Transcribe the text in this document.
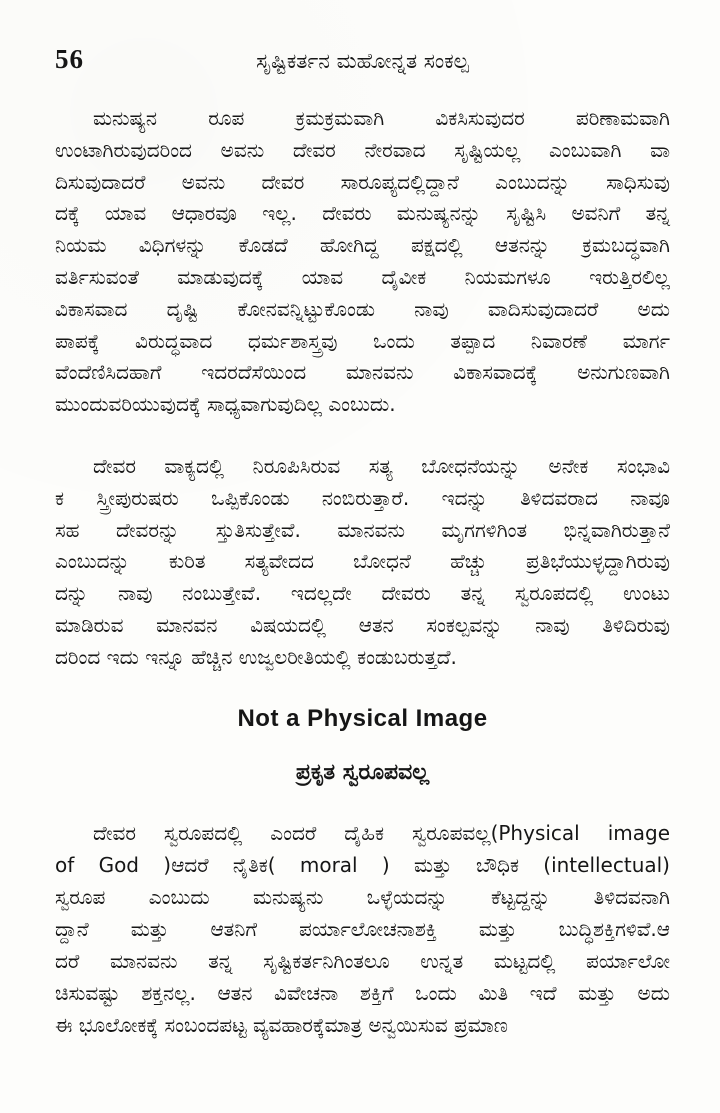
56	ಸೃಷ್ಟಿಕರ್ತನ ಮಹೋನ್ನತ ಸಂಕಲ್ಪ
ಮನುಷ್ಯನ ರೂಪ ಕ್ರಮಕ್ರಮವಾಗಿ ವಿಕಸಿಸುವುದರ ಪರಿಣಾಮವಾಗಿ
ಉಂಟಾಗಿರುವುದರಿಂದ ಅವನು ದೇವರ ನೇರವಾದ ಸೃಷ್ಟಿಯಲ್ಲ ಎಂಬುವಾಗಿ ವಾ
ದಿಸುವುದಾದರೆ ಅವನು ದೇವರ ಸಾರೂಪ್ಯದಲ್ಲಿದ್ದಾನೆ ಎಂಬುದನ್ನು ಸಾಧಿಸುವು
ದಕ್ಕೆ ಯಾವ ಆಧಾರವೂ ಇಲ್ಲ. ದೇವರು ಮನುಷ್ಯನನ್ನು ಸೃಷ್ಟಿಸಿ ಅವನಿಗೆ ತನ್ನ
ನಿಯಮ ವಿಧಿಗಳನ್ನು ಕೊಡದೆ ಹೋಗಿದ್ದ ಪಕ್ಷದಲ್ಲಿ ಆತನನ್ನು ಕ್ರಮಬದ್ಧವಾಗಿ
ವರ್ತಿಸುವಂತೆ ಮಾಡುವುದಕ್ಕೆ ಯಾವ ದೈವೀಕ ನಿಯಮಗಳೂ ಇರುತ್ತಿರಲಿಲ್ಲ
ವಿಕಾಸವಾದ ದೃಷ್ಟಿ ಕೋನವನ್ನಿಟ್ಟುಕೊಂಡು ನಾವು ವಾದಿಸುವುದಾದರೆ ಅದು
ಪಾಪಕ್ಕೆ ವಿರುದ್ಧವಾದ ಧರ್ಮಶಾಸ್ತ್ರವು ಒಂದು ತಪ್ಪಾದ ನಿವಾರಣೆ ಮಾರ್ಗ
ವೆಂದೆಣಿಸಿದಹಾಗೆ ಇದರದೆಸೆಯಿಂದ ಮಾನವನು ವಿಕಾಸವಾದಕ್ಕೆ ಅನುಗುಣವಾಗಿ
ಮುಂದುವರಿಯುವುದಕ್ಕೆ ಸಾಧ್ಯವಾಗುವುದಿಲ್ಲ ಎಂಬುದು.
ದೇವರ ವಾಕ್ಯದಲ್ಲಿ ನಿರೂಪಿಸಿರುವ ಸತ್ಯ ಬೋಧನೆಯನ್ನು ಅನೇಕ ಸಂಭಾವಿ
ಕ ಸ್ತ್ರೀಪುರುಷರು ಒಪ್ಪಿಕೊಂಡು ನಂಬಿರುತ್ತಾರೆ. ಇದನ್ನು ತಿಳಿದವರಾದ ನಾವೂ
ಸಹ ದೇವರನ್ನು ಸ್ತುತಿಸುತ್ತೇವೆ. ಮಾನವನು ಮೃಗಗಳಿಗಿಂತ ಭಿನ್ನವಾಗಿರುತ್ತಾನೆ
ಎಂಬುದನ್ನು ಕುರಿತ ಸತ್ಯವೇದದ ಬೋಧನೆ ಹೆಚ್ಚು ಪ್ರತಿಭೆಯುಳ್ಳದ್ದಾಗಿರುವು
ದನ್ನು ನಾವು ನಂಬುತ್ತೇವೆ. ಇದಲ್ಲದೇ ದೇವರು ತನ್ನ ಸ್ವರೂಪದಲ್ಲಿ ಉಂಟು
ಮಾಡಿರುವ ಮಾನವನ ವಿಷಯದಲ್ಲಿ ಆತನ ಸಂಕಲ್ಪವನ್ನು ನಾವು ತಿಳಿದಿರುವು
ದರಿಂದ ಇದು ಇನ್ನೂ ಹೆಚ್ಚಿನ ಉಜ್ವಲರೀತಿಯಲ್ಲಿ ಕಂಡುಬರುತ್ತದೆ.
Not a Physical Image
ಪ್ರಕೃತ ಸ್ವರೂಪವಲ್ಲ
ದೇವರ ಸ್ವರೂಪದಲ್ಲಿ ಎಂದರೆ ದೈಹಿಕ ಸ್ವರೂಪವಲ್ಲ(Physical image
of God )ಆದರೆ ನೈತಿಕ( moral ) ಮತ್ತು ಬೌಧಿಕ (intellectual)
ಸ್ವರೂಪ ಎಂಬುದು ಮನುಷ್ಯನು ಒಳ್ಳೆಯದನ್ನು ಕೆಟ್ಟದ್ದನ್ನು ತಿಳಿದವನಾಗಿ
ದ್ದಾನೆ ಮತ್ತು ಆತನಿಗೆ ಪರ್ಯಾಲೋಚನಾಶಕ್ತಿ ಮತ್ತು ಬುದ್ಧಿಶಕ್ತಿಗಳಿವೆ.ಆ
ದರೆ ಮಾನವನು ತನ್ನ ಸೃಷ್ಟಿಕರ್ತನಿಗಿಂತಲೂ ಉನ್ನತ ಮಟ್ಟದಲ್ಲಿ ಪರ್ಯಾಲೋ
ಚಿಸುವಷ್ಟು ಶಕ್ತನಲ್ಲ. ಆತನ ವಿವೇಚನಾ ಶಕ್ತಿಗೆ ಒಂದು ಮಿತಿ ಇದೆ ಮತ್ತು ಅದು
ಈ ಭೂಲೋಕಕ್ಕೆ ಸಂಬಂದಪಟ್ಟ ವ್ಯವಹಾರಕ್ಕೆಮಾತ್ರ ಅನ್ವಯಿಸುವ ಪ್ರಮಾಣ
